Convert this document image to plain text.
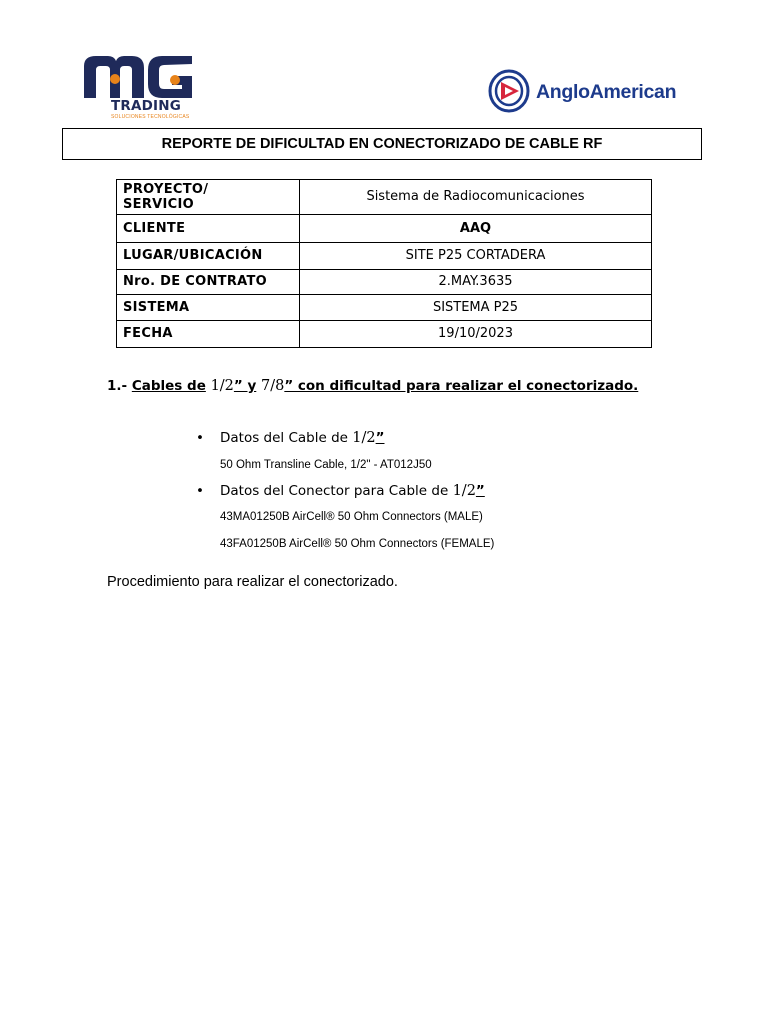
TRADING
SOLUCIONES TECNOLÓGICAS
AngloAmerican
REPORTE DE DIFICULTAD EN CONECTORIZADO DE CABLE RF
PROYECTO/
SERVICIO	Sistema de Radiocomunicaciones
CLIENTE	AAQ
LUGAR/UBICACIÓN	SITE P25 CORTADERA
Nro. DE CONTRATO	2.MAY.3635
SISTEMA	SISTEMA P25
FECHA	19/10/2023
1.- Cables de 1/2” y 7/8” con dificultad para realizar el conectorizado.
• Datos del Cable de 1/2”
50 Ohm Transline Cable, 1/2" - AT012J50
• Datos del Conector para Cable de 1/2”
43MA01250B AirCell® 50 Ohm Connectors (MALE)
43FA01250B AirCell® 50 Ohm Connectors (FEMALE)
Procedimiento para realizar el conectorizado.
